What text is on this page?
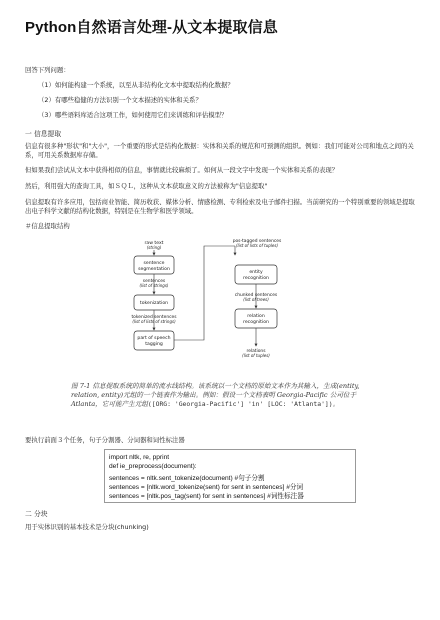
Python自然语言处理-从文本提取信息
回答下列问题：
（1）如何能构建一个系统，以至从非结构化文本中提取结构化数据？
（2）有哪些稳健的方法识别一个文本描述的实体和关系？
（3）哪些语料库适合这项工作，如何使用它们来训练和评估模型？
一 信息提取
信息有很多种"形状"和"大小"，一个重要的形式是结构化数据：实体和关系的规范和可预测的组织。例如：我们可能对公司和地点之间的关系，可用关系数据库存储。
但如果我们尝试从文本中获得相似的信息，事情就比较麻烦了。如何从一段文字中发现一个实体和关系的表现？
然后，利用强大的查询工具，如ＳＱＬ，这种从文本获取意义的方法被称为"信息提取"
信息提取有许多应用，包括商业智能、简历收获、媒体分析、情感检测、专利检索及电子邮件扫描。当前研究的一个特别重要的领域是提取出电子科学文献的结构化数据，特别是在生物学和医学领域。
＃信息提取结构
raw text
(string)
sentence
segmentation
sentences
(list of strings)
tokenization
tokenized sentences
(list of lists of strings)
part of speech
tagging
pos-tagged sentences
(list of lists of tuples)
entity
recognition
chunked sentences
(list of trees)
relation
recognition
relations
(list of tuples)
图 7-1 信息提取系统的简单的流水线结构。该系统以一个文档的原始文本作为其输入，生成(entity, relation, entity)元组的一个链表作为输出。例如：假设一个文档表明 Georgia-Pacific 公司位于 Atlanta，它可能产生元组([ORG: 'Georgia-Pacific'] 'in' [LOC: 'Atlanta'])。
要执行前面３个任务，句子分割器、分词器和词性标注器
import nltk, re, pprint
def ie_preprocess(document):
sentences = nltk.sent_tokenize(document) #句子分割
sentences = [nltk.word_tokenize(sent) for sent in sentences] #分词
sentences = [nltk.pos_tag(sent) for sent in sentences] #词性标注器
二 分块
用于实体识别的基本技术是分块(chunking)
